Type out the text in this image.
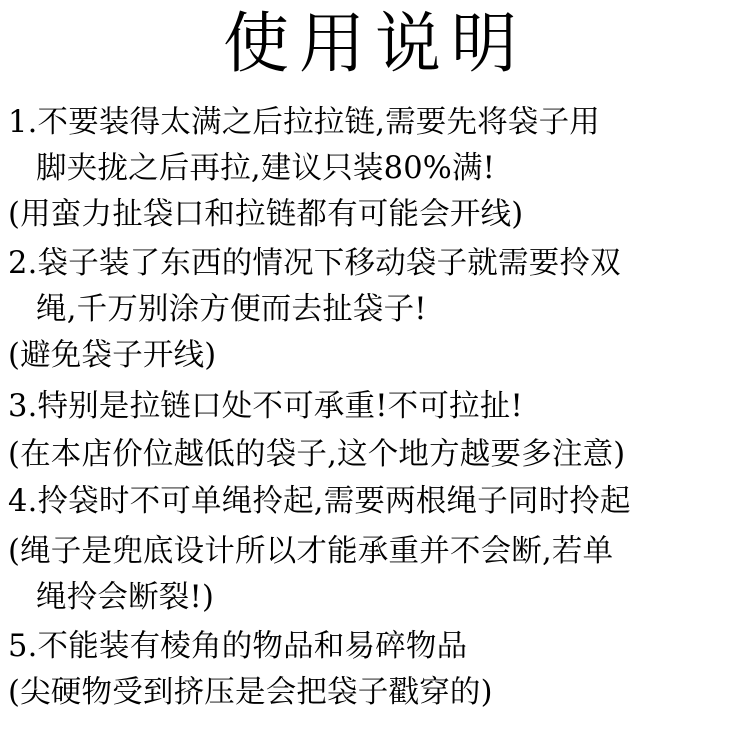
使用说明
1.不要装得太满之后拉拉链,需要先将袋子用
脚夹拢之后再拉,建议只装80%满!
(用蛮力扯袋口和拉链都有可能会开线)
2.袋子装了东西的情况下移动袋子就需要拎双
绳,千万别涂方便而去扯袋子!
(避免袋子开线)
3.特别是拉链口处不可承重!不可拉扯!
(在本店价位越低的袋子,这个地方越要多注意)
4.拎袋时不可单绳拎起,需要两根绳子同时拎起
(绳子是兜底设计所以才能承重并不会断,若单
绳拎会断裂!)
5.不能装有棱角的物品和易碎物品
(尖硬物受到挤压是会把袋子戳穿的)
